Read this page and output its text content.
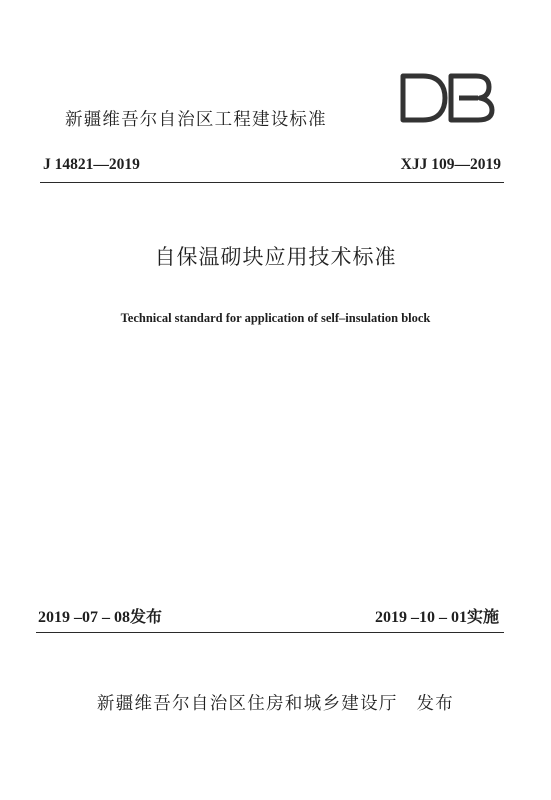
新疆维吾尔自治区工程建设标准
J 14821—2019	XJJ 109—2019
自保温砌块应用技术标准
Technical standard for application of self–insulation block
2019 –07 – 08发布	2019 –10 – 01实施
新疆维吾尔自治区住房和城乡建设厅　发布
